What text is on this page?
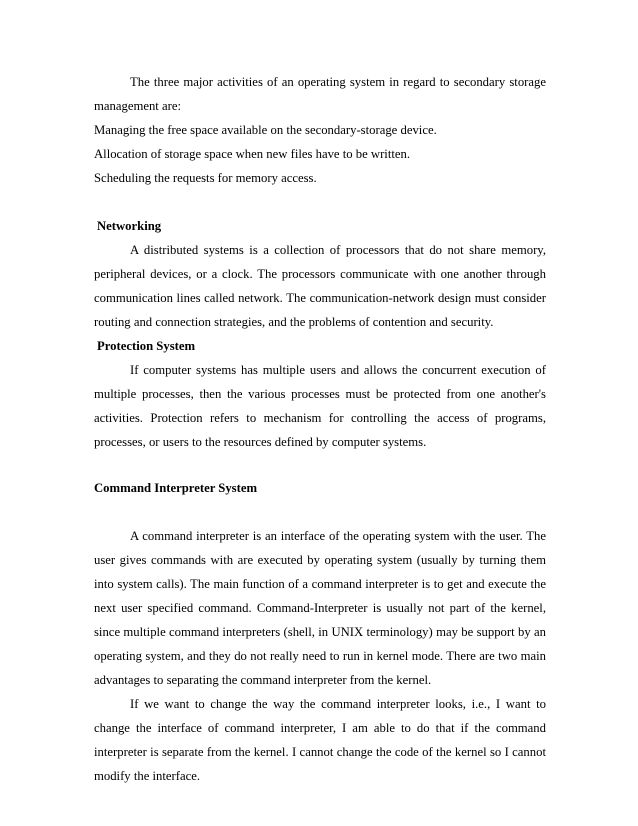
The three major activities of an operating system in regard to secondary storage management are:

Managing the free space available on the secondary-storage device.

Allocation of storage space when new files have to be written.

Scheduling the requests for memory access.

Networking

A distributed systems is a collection of processors that do not share memory, peripheral devices, or a clock. The processors communicate with one another through communication lines called network. The communication-network design must consider routing and connection strategies, and the problems of contention and security.

Protection System

If computer systems has multiple users and allows the concurrent execution of multiple processes, then the various processes must be protected from one another's activities. Protection refers to mechanism for controlling the access of programs, processes, or users to the resources defined by computer systems.

Command Interpreter System

A command interpreter is an interface of the operating system with the user. The user gives commands with are executed by operating system (usually by turning them into system calls). The main function of a command interpreter is to get and execute the next user specified command. Command-Interpreter is usually not part of the kernel, since multiple command interpreters (shell, in UNIX terminology) may be support by an operating system, and they do not really need to run in kernel mode. There are two main advantages to separating the command interpreter from the kernel.

If we want to change the way the command interpreter looks, i.e., I want to change the interface of command interpreter, I am able to do that if the command interpreter is separate from the kernel. I cannot change the code of the kernel so I cannot modify the interface.
